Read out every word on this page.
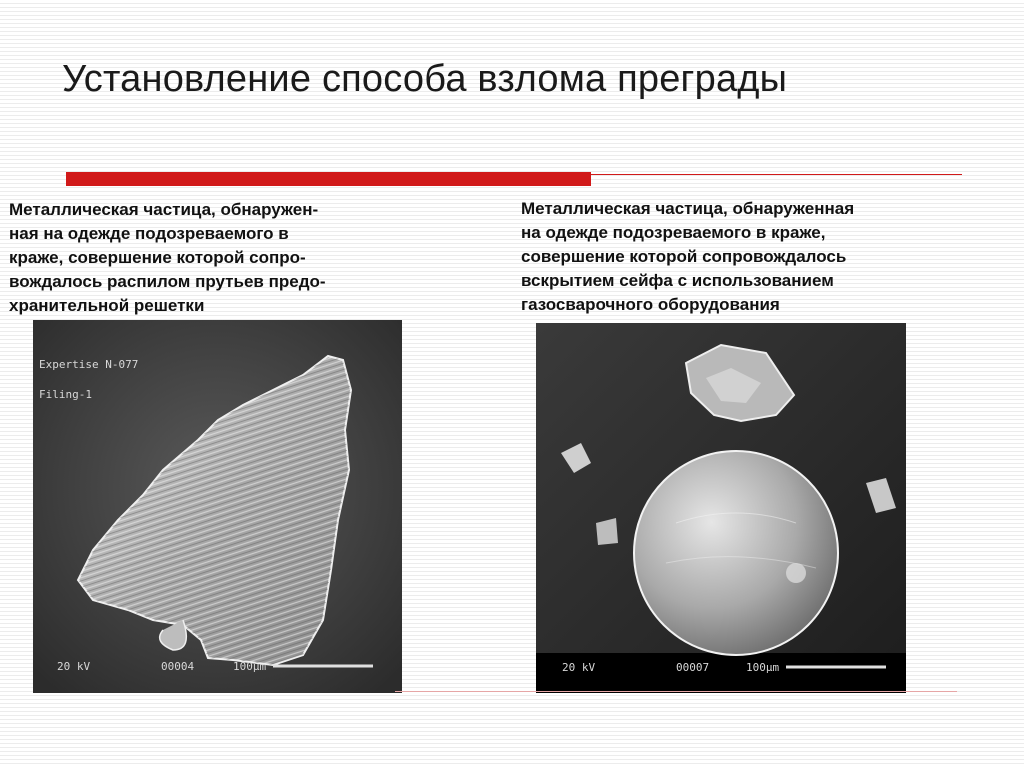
Установление способа взлома преграды

Металлическая частица, обнаружен-
ная на одежде подозреваемого в
краже, совершение которой сопро-
вождалось распилом прутьев предо-
хранительной решетки

Металлическая частица, обнаруженная
на одежде подозреваемого в краже,
совершение которой сопровождалось
вскрытием сейфа с использованием
газосварочного оборудования

Expertise N-077
Filing-1
20 kV	00004	100µm	20 kV	00007	100µm
